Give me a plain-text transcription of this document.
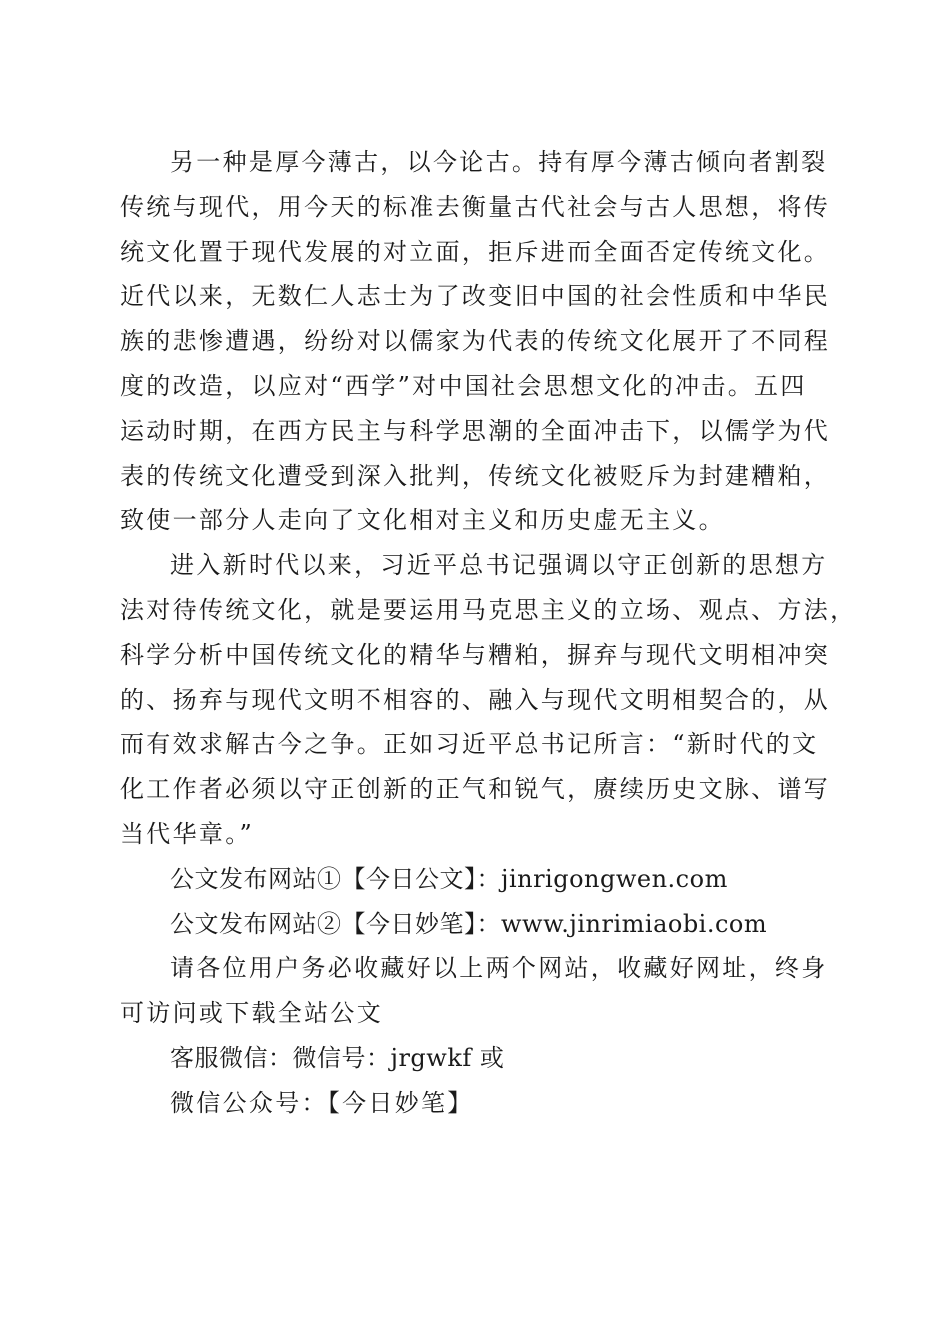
另一种是厚今薄古，以今论古。持有厚今薄古倾向者割裂
传统与现代，用今天的标准去衡量古代社会与古人思想，将传
统文化置于现代发展的对立面，拒斥进而全面否定传统文化。
近代以来，无数仁人志士为了改变旧中国的社会性质和中华民
族的悲惨遭遇，纷纷对以儒家为代表的传统文化展开了不同程
度的改造，以应对“西学”对中国社会思想文化的冲击。五四
运动时期，在西方民主与科学思潮的全面冲击下，以儒学为代
表的传统文化遭受到深入批判，传统文化被贬斥为封建糟粕，
致使一部分人走向了文化相对主义和历史虚无主义。
进入新时代以来，习近平总书记强调以守正创新的思想方
法对待传统文化，就是要运用马克思主义的立场、观点、方法，
科学分析中国传统文化的精华与糟粕，摒弃与现代文明相冲突
的、扬弃与现代文明不相容的、融入与现代文明相契合的，从
而有效求解古今之争。正如习近平总书记所言：“新时代的文
化工作者必须以守正创新的正气和锐气，赓续历史文脉、谱写
当代华章。”
公文发布网站①【今日公文】：jinrigongwen.com
公文发布网站②【今日妙笔】：www.jinrimiaobi.com
请各位用户务必收藏好以上两个网站，收藏好网址，终身
可访问或下载全站公文
客服微信：微信号：jrgwkf 或
微信公众号：【今日妙笔】
